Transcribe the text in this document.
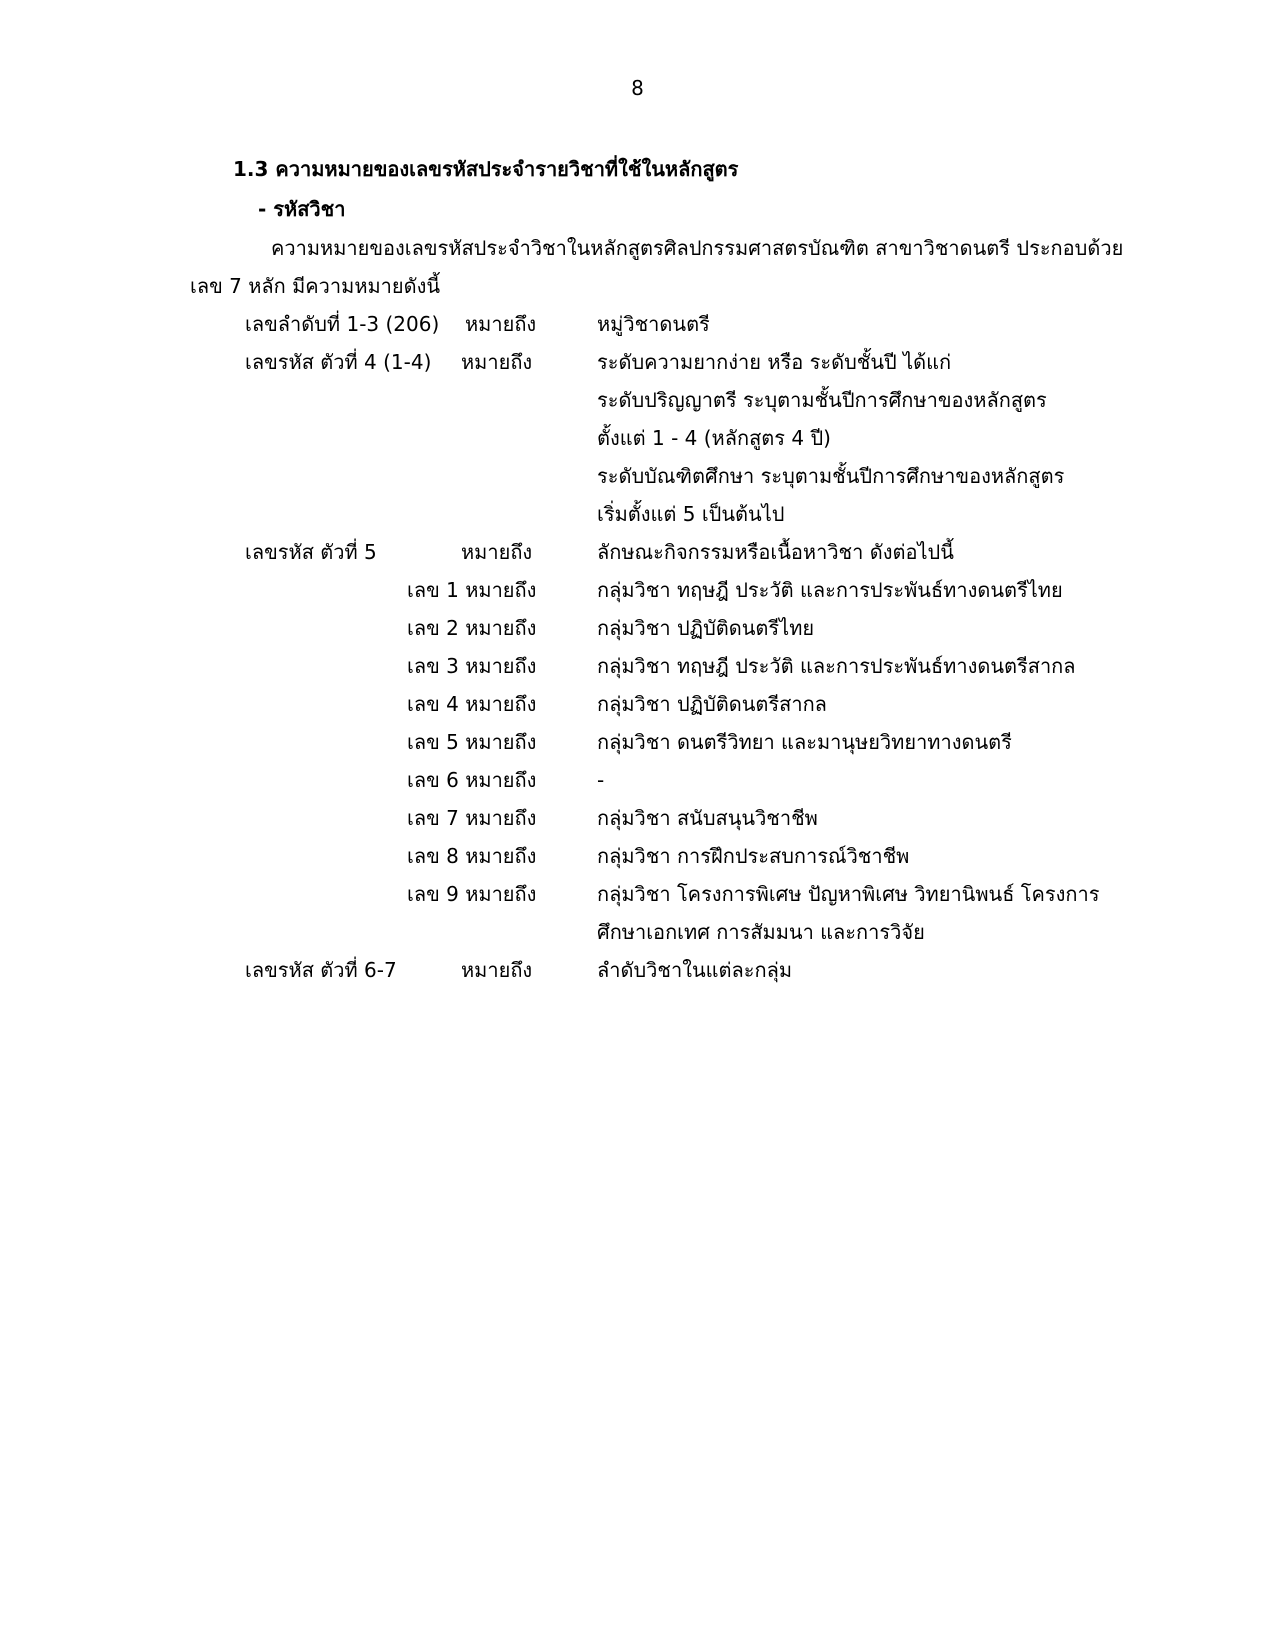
8
1.3 ความหมายของเลขรหัสประจำรายวิชาที่ใช้ในหลักสูตร
- รหัสวิชา
ความหมายของเลขรหัสประจำวิชาในหลักสูตรศิลปกรรมศาสตรบัณฑิต สาขาวิชาดนตรี ประกอบด้วย
เลข 7 หลัก มีความหมายดังนี้
เลขลำดับที่ 1-3 (206) หมายถึง	หมู่วิชาดนตรี
เลขรหัส ตัวที่ 4 (1-4) หมายถึง	ระดับความยากง่าย หรือ ระดับชั้นปี ได้แก่
ระดับปริญญาตรี ระบุตามชั้นปีการศึกษาของหลักสูตร
ตั้งแต่ 1 - 4 (หลักสูตร 4 ปี)
ระดับบัณฑิตศึกษา ระบุตามชั้นปีการศึกษาของหลักสูตร
เริ่มตั้งแต่ 5 เป็นต้นไป
เลขรหัส ตัวที่ 5	หมายถึง	ลักษณะกิจกรรมหรือเนื้อหาวิชา ดังต่อไปนี้
เลข 1 หมายถึง	กลุ่มวิชา ทฤษฎี ประวัติ และการประพันธ์ทางดนตรีไทย
เลข 2 หมายถึง	กลุ่มวิชา ปฏิบัติดนตรีไทย
เลข 3 หมายถึง	กลุ่มวิชา ทฤษฎี ประวัติ และการประพันธ์ทางดนตรีสากล
เลข 4 หมายถึง	กลุ่มวิชา ปฏิบัติดนตรีสากล
เลข 5 หมายถึง	กลุ่มวิชา ดนตรีวิทยา และมานุษยวิทยาทางดนตรี
เลข 6 หมายถึง	-
เลข 7 หมายถึง	กลุ่มวิชา สนับสนุนวิชาชีพ
เลข 8 หมายถึง	กลุ่มวิชา การฝึกประสบการณ์วิชาชีพ
เลข 9 หมายถึง	กลุ่มวิชา โครงการพิเศษ ปัญหาพิเศษ วิทยานิพนธ์ โครงการ
ศึกษาเอกเทศ การสัมมนา และการวิจัย
เลขรหัส ตัวที่ 6-7	หมายถึง	ลำดับวิชาในแต่ละกลุ่ม
